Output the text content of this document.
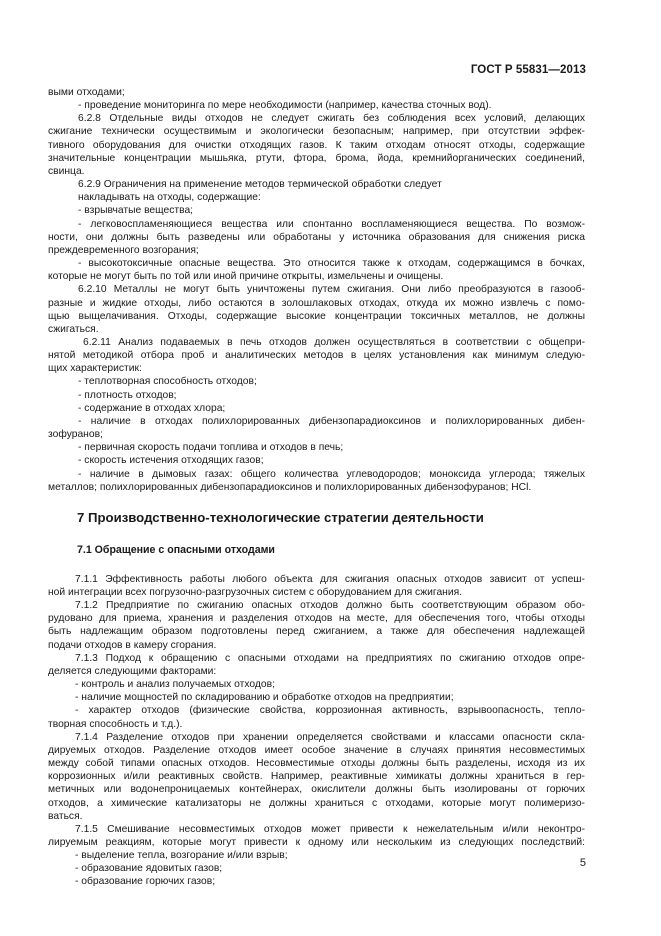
ГОСТ Р 55831—2013
выми отходами;
- проведение мониторинга по мере необходимости (например, качества сточных вод).
6.2.8 Отдельные виды отходов не следует сжигать без соблюдения всех условий, делающих
сжигание технически осуществимым и экологически безопасным; например, при отсутствии эффек-
тивного оборудования для очистки отходящих газов. К таким отходам относят отходы, содержащие
значительные концентрации мышьяка, ртути, фтора, брома, йода, кремнийорганических соединений,
свинца.
6.2.9 Ограничения на применение методов термической обработки следует
накладывать на отходы, содержащие:
- взрывчатые вещества;
- легковоспламеняющиеся вещества или спонтанно воспламеняющиеся вещества. По возмож-
ности, они должны быть разведены или обработаны у источника образования для снижения риска
преждевременного возгорания;
- высокотоксичные опасные вещества. Это относится также к отходам, содержащимся в бочках,
которые не могут быть по той или иной причине открыты, измельчены и очищены.
6.2.10 Металлы не могут быть уничтожены путем сжигания. Они либо преобразуются в газооб-
разные и жидкие отходы, либо остаются в золошлаковых отходах, откуда их можно извлечь с помо-
щью выщелачивания. Отходы, содержащие высокие концентрации токсичных металлов, не должны
сжигаться.
6.2.11 Анализ подаваемых в печь отходов должен осуществляться в соответствии с общепри-
нятой методикой отбора проб и аналитических методов в целях установления как минимум следую-
щих характеристик:
- теплотворная способность отходов;
- плотность отходов;
- содержание в отходах хлора;
- наличие в отходах полихлорированных дибензопарадиоксинов и полихлорированных дибен-
зофуранов;
- первичная скорость подачи топлива и отходов в печь;
- скорость истечения отходящих газов;
- наличие в дымовых газах: общего количества углеводородов; моноксида углерода; тяжелых
металлов; полихлорированных дибензопарадиоксинов и полихлорированных дибензофуранов; HCl.
7 Производственно-технологические стратегии деятельности
7.1 Обращение с опасными отходами
7.1.1 Эффективность работы любого объекта для сжигания опасных отходов зависит от успеш-
ной интеграции всех погрузочно-разгрузочных систем с оборудованием для сжигания.
7.1.2 Предприятие по сжиганию опасных отходов должно быть соответствующим образом обо-
рудовано для приема, хранения и разделения отходов на месте, для обеспечения того, чтобы отходы
быть надлежащим образом подготовлены перед сжиганием, а также для обеспечения надлежащей
подачи отходов в камеру сгорания.
7.1.3 Подход к обращению с опасными отходами на предприятиях по сжиганию отходов опре-
деляется следующими факторами:
- контроль и анализ получаемых отходов;
- наличие мощностей по складированию и обработке отходов на предприятии;
- характер отходов (физические свойства, коррозионная активность, взрывоопасность, тепло-
творная способность и т.д.).
7.1.4 Разделение отходов при хранении определяется свойствами и классами опасности скла-
дируемых отходов. Разделение отходов имеет особое значение в случаях принятия несовместимых
между собой типами опасных отходов. Несовместимые отходы должны быть разделены, исходя из их
коррозионных и/или реактивных свойств. Например, реактивные химикаты должны храниться в гер-
метичных или водонепроницаемых контейнерах, окислители должны быть изолированы от горючих
отходов, а химические катализаторы не должны храниться с отходами, которые могут полимеризо-
ваться.
7.1.5 Смешивание несовместимых отходов может привести к нежелательным и/или неконтро-
лируемым реакциям, которые могут привести к одному или нескольким из следующих последствий:
- выделение тепла, возгорание и/или взрыв;
- образование ядовитых газов;
- образование горючих газов;
5
